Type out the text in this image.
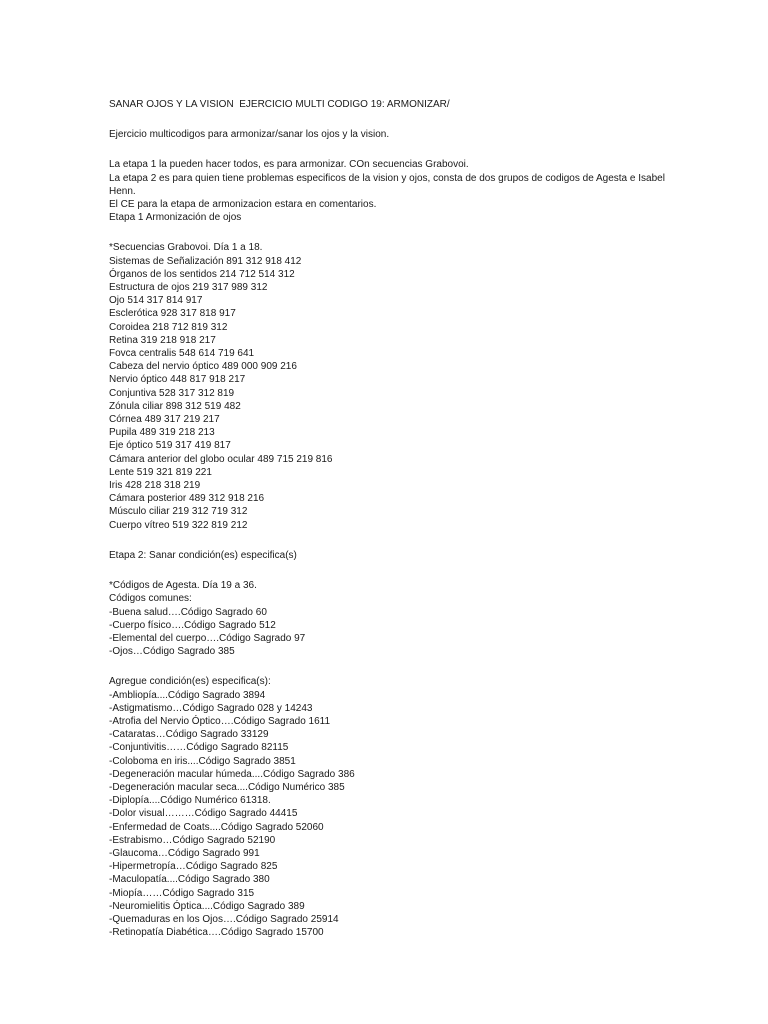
SANAR OJOS Y LA VISION  EJERCICIO MULTI CODIGO 19: ARMONIZAR/
Ejercicio multicodigos para armonizar/sanar los ojos y la vision.
La etapa 1 la pueden hacer todos, es para armonizar. COn secuencias Grabovoi.
La etapa 2 es para quien tiene problemas especificos de la vision y ojos, consta de dos grupos de codigos de Agesta e Isabel Henn.
El CE para la etapa de armonizacion estara en comentarios.
Etapa 1 Armonización de ojos
*Secuencias Grabovoi. Día 1 a 18.
Sistemas de Señalización 891 312 918 412
Órganos de los sentidos 214 712 514 312
Estructura de ojos 219 317 989 312
Ojo 514 317 814 917
Esclerótica 928 317 818 917
Coroidea 218 712 819 312
Retina 319 218 918 217
Fovca centralis 548 614 719 641
Cabeza del nervio óptico 489 000 909 216
Nervio óptico 448 817 918 217
Conjuntiva 528 317 312 819
Zónula ciliar 898 312 519 482
Córnea 489 317 219 217
Pupila 489 319 218 213
Eje óptico 519 317 419 817
Cámara anterior del globo ocular 489 715 219 816
Lente 519 321 819 221
Iris 428 218 318 219
Cámara posterior 489 312 918 216
Músculo ciliar 219 312 719 312
Cuerpo vítreo 519 322 819 212
Etapa 2: Sanar condición(es) especifica(s)
*Códigos de Agesta. Día 19 a 36.
Códigos comunes:
-Buena salud….Código Sagrado 60
-Cuerpo físico….Código Sagrado 512
-Elemental del cuerpo….Código Sagrado 97
-Ojos…Código Sagrado 385
Agregue condición(es) especifica(s):
-Ambliopía....Código Sagrado 3894
-Astigmatismo…Código Sagrado 028 y 14243
-Atrofia del Nervio Óptico….Código Sagrado 1611
-Cataratas…Código Sagrado 33129
-Conjuntivitis……Código Sagrado 82115
-Coloboma en iris....Código Sagrado 3851
-Degeneración macular húmeda....Código Sagrado 386
-Degeneración macular seca....Código Numérico 385
-Diplopía....Código Numérico 61318.
-Dolor visual………Código Sagrado 44415
-Enfermedad de Coats....Código Sagrado 52060
-Estrabismo…Código Sagrado 52190
-Glaucoma…Código Sagrado 991
-Hipermetropía…Código Sagrado 825
-Maculopatía....Código Sagrado 380
-Miopía……Código Sagrado 315
-Neuromielitis Óptica....Código Sagrado 389
-Quemaduras en los Ojos….Código Sagrado 25914
-Retinopatía Diabética….Código Sagrado 15700
